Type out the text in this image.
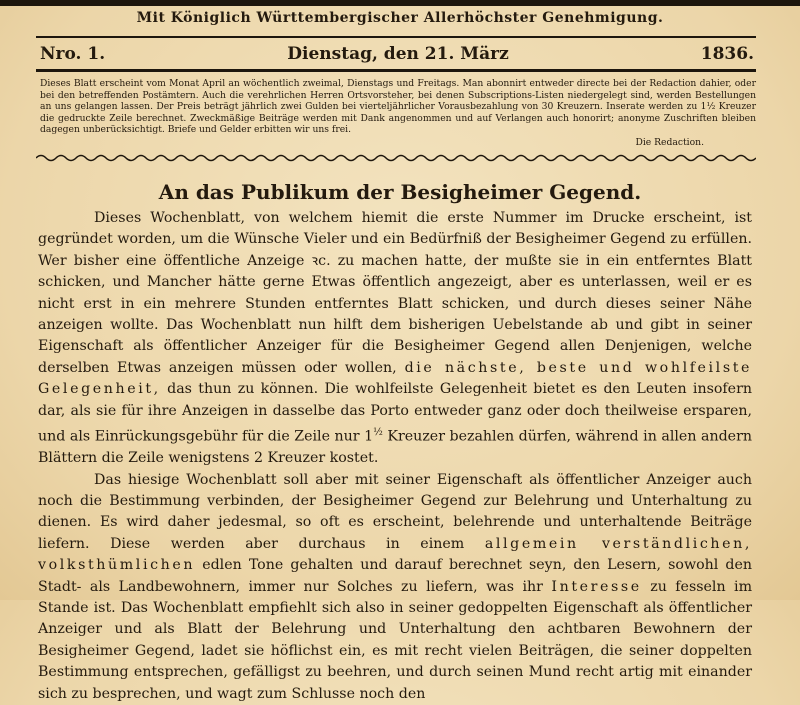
Mit Königlich Württembergischer Allerhöchster Genehmigung.
Nro. 1.	Dienstag, den 21. März	1836.
Dieses Blatt erscheint vom Monat April an wöchentlich zweimal, Dienstags und Freitags. Man abonnirt entweder directe bei der Redaction dahier, oder bei den betreffenden Postämtern. Auch die verehrlichen Herren Ortsvorsteher, bei denen Subscriptions-Listen niedergelegt sind, werden Bestellungen an uns gelangen lassen. Der Preis beträgt jährlich zwei Gulden bei vierteljährlicher Vorausbezahlung von 30 Kreuzern. Inserate werden zu 1½ Kreuzer die gedruckte Zeile berechnet. Zweckmäßige Beiträge werden mit Dank angenommen und auf Verlangen auch honorirt; anonyme Zuschriften bleiben dagegen unberücksichtigt. Briefe und Gelder erbitten wir uns frei.
Die Redaction.
An das Publikum der Besigheimer Gegend.

Dieses Wochenblatt, von welchem hiemit die erste Nummer im Drucke erscheint, ist gegründet worden, um die Wünsche Vieler und ein Bedürfniß der Besigheimer Gegend zu erfüllen. Wer bisher eine öffentliche Anzeige ꝛc. zu machen hatte, der mußte sie in ein entferntes Blatt schicken, und Mancher hätte gerne Etwas öffentlich angezeigt, aber es unterlassen, weil er es nicht erst in ein mehrere Stunden entferntes Blatt schicken, und durch dieses seiner Nähe anzeigen wollte. Das Wochenblatt nun hilft dem bisherigen Uebelstande ab und gibt in seiner Eigenschaft als öffentlicher Anzeiger für die Besigheimer Gegend allen Denjenigen, welche derselben Etwas anzeigen müssen oder wollen, die nächste, beste und wohlfeilste Gelegenheit, das thun zu können. Die wohlfeilste Gelegenheit bietet es den Leuten insofern dar, als sie für ihre Anzeigen in dasselbe das Porto entweder ganz oder doch theilweise ersparen, und als Einrückungsgebühr für die Zeile nur $1^{\frac{1}{2}}$ Kreuzer bezahlen dürfen, während in allen andern Blättern die Zeile wenigstens 2 Kreuzer kostet.

Das hiesige Wochenblatt soll aber mit seiner Eigenschaft als öffentlicher Anzeiger auch noch die Bestimmung verbinden, der Besigheimer Gegend zur Belehrung und Unterhaltung zu dienen. Es wird daher jedesmal, so oft es erscheint, belehrende und unterhaltende Beiträge liefern. Diese werden aber durchaus in einem allgemein verständlichen, volksthümlichen edlen Tone gehalten und darauf berechnet seyn, den Lesern, sowohl den Stadt- als Landbewohnern, immer nur Solches zu liefern, was ihr Interesse zu fesseln im Stande ist. Das Wochenblatt empfiehlt sich also in seiner gedoppelten Eigenschaft als öffentlicher Anzeiger und als Blatt der Belehrung und Unterhaltung den achtbaren Bewohnern der Besigheimer Gegend, ladet sie höflichst ein, es mit recht vielen Beiträgen, die seiner doppelten Bestimmung entsprechen, gefälligst zu beehren, und durch seinen Mund recht artig mit einander sich zu besprechen, und wagt zum Schlusse noch den
